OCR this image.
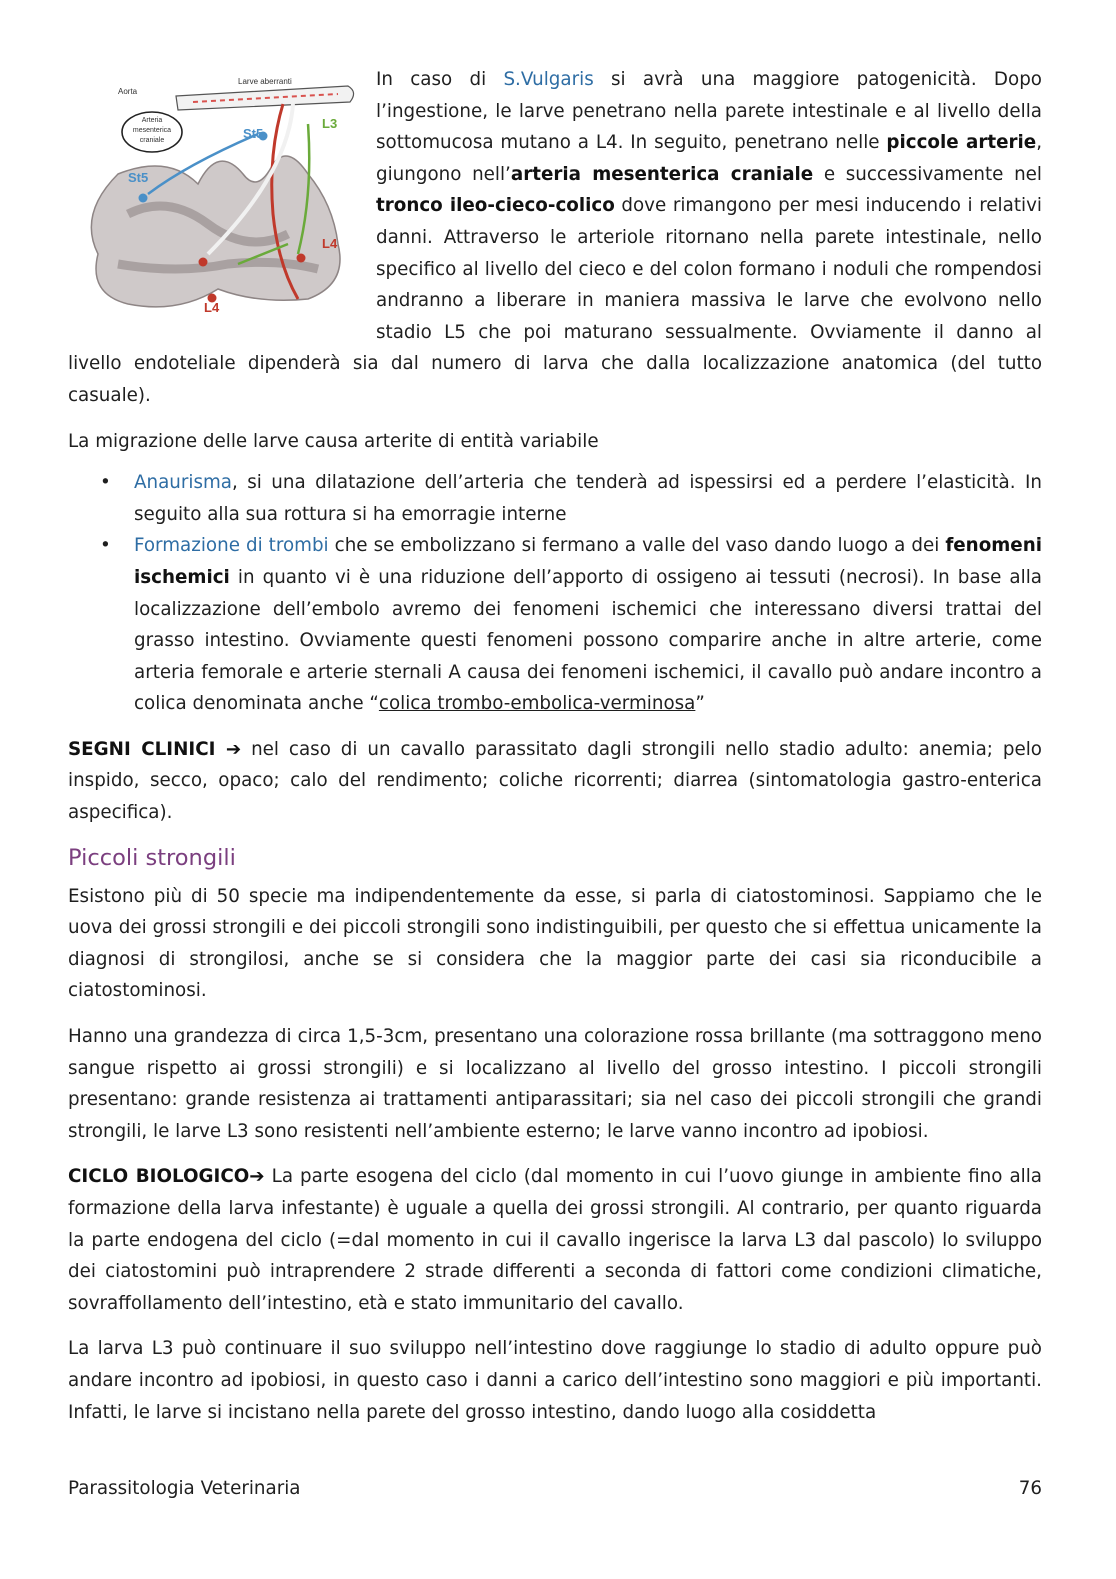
Aorta
Larve aberranti
Arteria
mesenterica
craniale	St5
St5
L3
L4
L4

In caso di S.Vulgaris si avrà una maggiore patogenicità. Dopo l’ingestione, le larve penetrano nella parete intestinale e al livello della sottomucosa mutano a L4. In seguito, penetrano nelle piccole arterie, giungono nell’arteria mesenterica craniale e successivamente nel tronco ileo-cieco-colico dove rimangono per mesi inducendo i relativi danni. Attraverso le arteriole ritornano nella parete intestinale, nello specifico al livello del cieco e del colon formano i noduli che rompendosi andranno a liberare in maniera massiva le larve che evolvono nello stadio L5 che poi maturano sessualmente. Ovviamente il danno al livello endoteliale dipenderà sia dal numero di larva che dalla localizzazione anatomica (del tutto casuale).

La migrazione delle larve causa arterite di entità variabile

• Anaurisma, si una dilatazione dell’arteria che tenderà ad ispessirsi ed a perdere l’elasticità. In seguito alla sua rottura si ha emorragie interne
• Formazione di trombi che se embolizzano si fermano a valle del vaso dando luogo a dei fenomeni ischemici in quanto vi è una riduzione dell’apporto di ossigeno ai tessuti (necrosi). In base alla localizzazione dell’embolo avremo dei fenomeni ischemici che interessano diversi trattai del grasso intestino. Ovviamente questi fenomeni possono comparire anche in altre arterie, come arteria femorale e arterie sternali A causa dei fenomeni ischemici, il cavallo può andare incontro a colica denominata anche “colica trombo-embolica-verminosa”

SEGNI CLINICI ➔ nel caso di un cavallo parassitato dagli strongili nello stadio adulto: anemia; pelo inspido, secco, opaco; calo del rendimento; coliche ricorrenti; diarrea (sintomatologia gastro-enterica aspecifica).

Piccoli strongili

Esistono più di 50 specie ma indipendentemente da esse, si parla di ciatostominosi. Sappiamo che le uova dei grossi strongili e dei piccoli strongili sono indistinguibili, per questo che si effettua unicamente la diagnosi di strongilosi, anche se si considera che la maggior parte dei casi sia riconducibile a ciatostominosi.

Hanno una grandezza di circa 1,5-3cm, presentano una colorazione rossa brillante (ma sottraggono meno sangue rispetto ai grossi strongili) e si localizzano al livello del grosso intestino. I piccoli strongili presentano: grande resistenza ai trattamenti antiparassitari; sia nel caso dei piccoli strongili che grandi strongili, le larve L3 sono resistenti nell’ambiente esterno; le larve vanno incontro ad ipobiosi.

CICLO BIOLOGICO➔ La parte esogena del ciclo (dal momento in cui l’uovo giunge in ambiente fino alla formazione della larva infestante) è uguale a quella dei grossi strongili. Al contrario, per quanto riguarda la parte endogena del ciclo (=dal momento in cui il cavallo ingerisce la larva L3 dal pascolo) lo sviluppo dei ciatostomini può intraprendere 2 strade differenti a seconda di fattori come condizioni climatiche, sovraffollamento dell’intestino, età e stato immunitario del cavallo.

La larva L3 può continuare il suo sviluppo nell’intestino dove raggiunge lo stadio di adulto oppure può andare incontro ad ipobiosi, in questo caso i danni a carico dell’intestino sono maggiori e più importanti. Infatti, le larve si incistano nella parete del grosso intestino, dando luogo alla cosiddetta

Parassitologia Veterinaria	76
